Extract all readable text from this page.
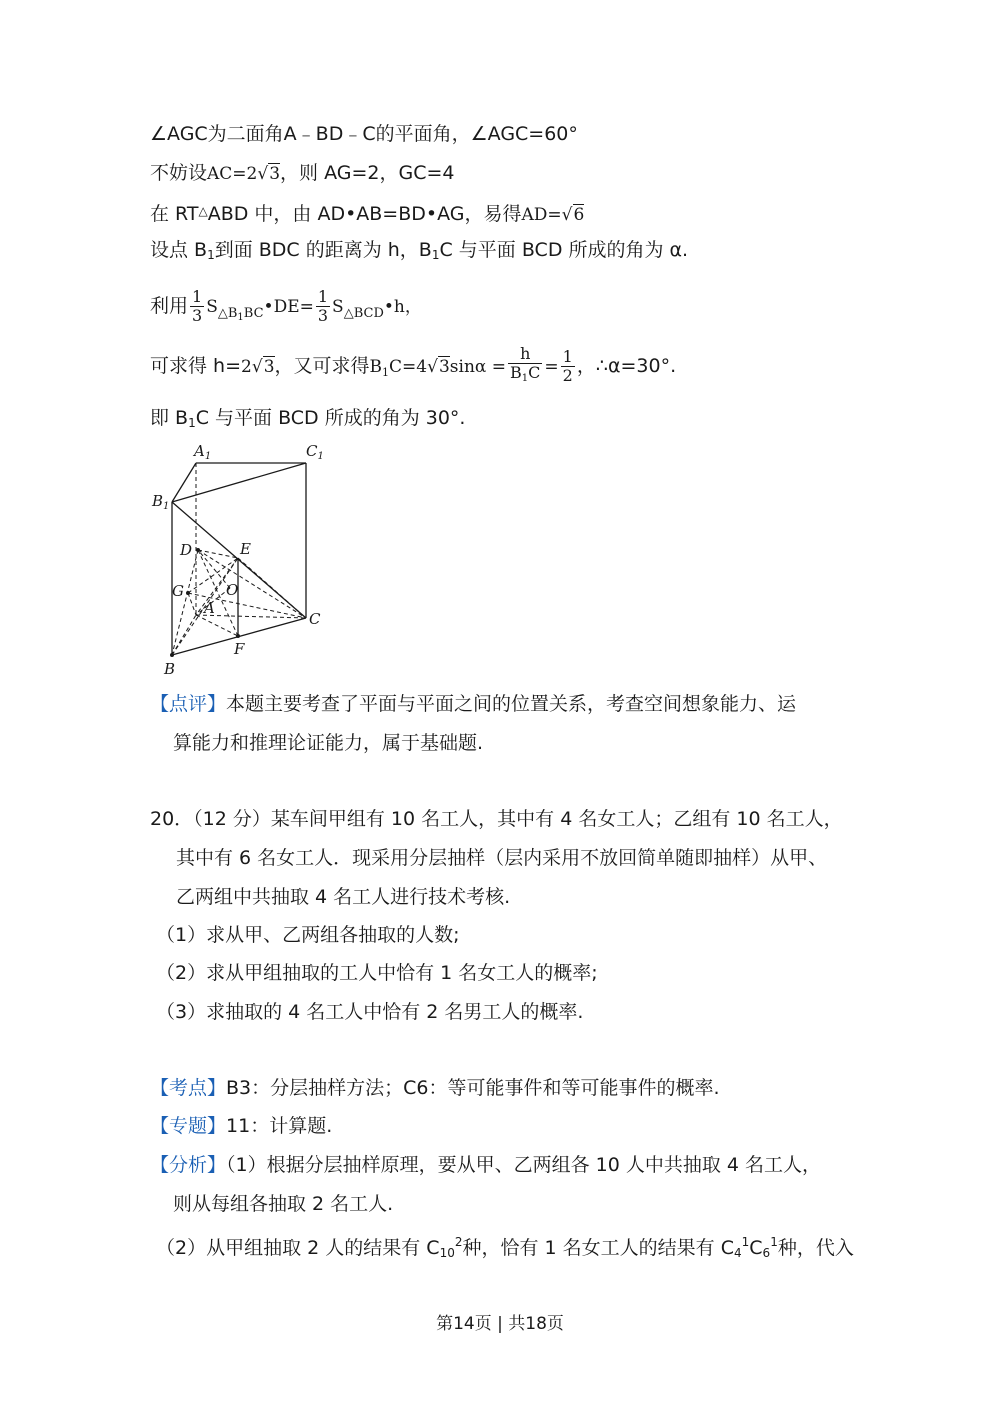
∠AGC为二面角A﹣BD﹣C的平面角，∠AGC=60°
不妨设AC=2√3，则 AG=2，GC=4
在 RT△ABD 中，由 AD•AB=BD•AG，易得AD=√6
设点 $B_1$到面 BDC 的距离为 h，$B_1C$ 与平面 BCD 所成的角为 α.
利用 $\frac{1}{3}$ $S_{\triangle B1BC}•DE= \frac{1}{3}$ $S_{\triangle BCD}•h$，
可求得 h=2√3，又可求得$B_1C=4√3\sin\alpha = \frac{h}{B1C} = \frac{1}{2}$ ，∴α=30°.
即 $B_1C$ 与平面 BCD 所成的角为 30°.
$A_1$	$C_1$
$B_1$
D	E
G	O
A
C
F
B
【点评】本题主要考查了平面与平面之间的位置关系，考查空间想象能力、运
算能力和推理论证能力，属于基础题.
20．（12 分）某车间甲组有 10 名工人，其中有 4 名女工人；乙组有 10 名工人，
其中有 6 名女工人．现采用分层抽样（层内采用不放回简单随即抽样）从甲、
乙两组中共抽取 4 名工人进行技术考核.
（1）求从甲、乙两组各抽取的人数;
（2）求从甲组抽取的工人中恰有 1 名女工人的概率;
（3）求抽取的 4 名工人中恰有 2 名男工人的概率.
【考点】B3：分层抽样方法；C6：等可能事件和等可能事件的概率.
【专题】11：计算题.
【分析】（1）根据分层抽样原理，要从甲、乙两组各 10 人中共抽取 4 名工人，
则从每组各抽取 2 名工人.
（2）从甲组抽取 2 人的结果有 $C_{10}^2$种，恰有 1 名女工人的结果有 $C_4^1C_6^1$种，代入
第14页 | 共18页
